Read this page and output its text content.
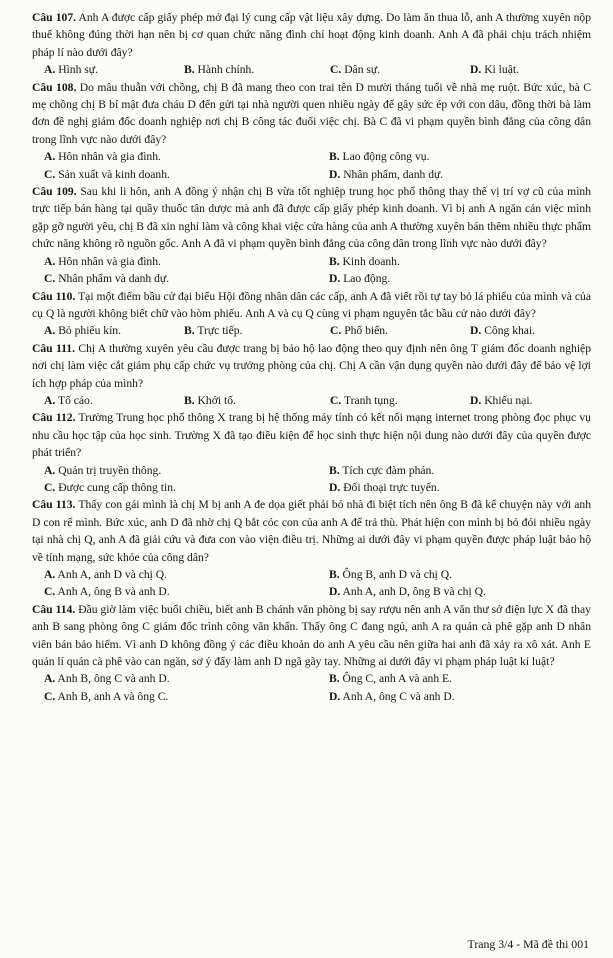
Câu 107. Anh A được cấp giấy phép mở đại lý cung cấp vật liệu xây dựng. Do làm ăn thua lỗ, anh A thường xuyên nộp thuế không đúng thời hạn nên bị cơ quan chức năng đình chỉ hoạt động kinh doanh. Anh A đã phải chịu trách nhiệm pháp lí nào dưới đây?

A. Hình sự.	B. Hành chính.	C. Dân sự.	D. Kỉ luật.

Câu 108. Do mâu thuẫn với chồng, chị B đã mang theo con trai tên D mười tháng tuổi về nhà mẹ ruột. Bức xúc, bà C mẹ chồng chị B bí mật đưa cháu D đến gửi tại nhà người quen nhiều ngày để gây sức ép với con dâu, đồng thời bà làm đơn đề nghị giám đốc doanh nghiệp nơi chị B công tác đuổi việc chị. Bà C đã vi phạm quyền bình đẳng của công dân trong lĩnh vực nào dưới đây?

A. Hôn nhân và gia đình.	B. Lao động công vụ.
C. Sản xuất và kinh doanh.	D. Nhân phẩm, danh dự.

Câu 109. Sau khi li hôn, anh A đồng ý nhận chị B vừa tốt nghiệp trung học phổ thông thay thế vị trí vợ cũ của mình trực tiếp bán hàng tại quầy thuốc tân dược mà anh đã được cấp giấy phép kinh doanh. Vì bị anh A ngăn cản việc mình gặp gỡ người yêu, chị B đã xin nghỉ làm và công khai việc cửa hàng của anh A thường xuyên bán thêm nhiều thực phẩm chức năng không rõ nguồn gốc. Anh A đã vi phạm quyền bình đẳng của công dân trong lĩnh vực nào dưới đây?

A. Hôn nhân và gia đình.	B. Kinh doanh.
C. Nhân phẩm và danh dự.	D. Lao động.

Câu 110. Tại một điểm bầu cử đại biểu Hội đồng nhân dân các cấp, anh A đã viết rồi tự tay bỏ lá phiếu của mình và của cụ Q là người không biết chữ vào hòm phiếu. Anh A và cụ Q cùng vi phạm nguyên tắc bầu cử nào dưới đây?

A. Bỏ phiếu kín.	B. Trực tiếp.	C. Phổ biến.	D. Công khai.

Câu 111. Chị A thường xuyên yêu cầu được trang bị bảo hộ lao động theo quy định nên ông T giám đốc doanh nghiệp nơi chị làm việc cắt giảm phụ cấp chức vụ trưởng phòng của chị. Chị A cần vận dụng quyền nào dưới đây để bảo vệ lợi ích hợp pháp của mình?

A. Tố cáo.	B. Khởi tố.	C. Tranh tụng.	D. Khiếu nại.

Câu 112. Trường Trung học phổ thông X trang bị hệ thống máy tính có kết nối mạng internet trong phòng đọc phục vụ nhu cầu học tập của học sinh. Trường X đã tạo điều kiện để học sinh thực hiện nội dung nào dưới đây của quyền được phát triển?

A. Quản trị truyền thông.	B. Tích cực đàm phán.
C. Được cung cấp thông tin.	D. Đối thoại trực tuyến.

Câu 113. Thấy con gái mình là chị M bị anh A đe dọa giết phải bỏ nhà đi biệt tích nên ông B đã kể chuyện này với anh D con rể mình. Bức xúc, anh D đã nhờ chị Q bắt cóc con của anh A để trả thù. Phát hiện con mình bị bỏ đói nhiều ngày tại nhà chị Q, anh A đã giải cứu và đưa con vào viện điều trị. Những ai dưới đây vi phạm quyền được pháp luật bảo hộ về tính mạng, sức khỏe của công dân?

A. Anh A, anh D và chị Q.	B. Ông B, anh D và chị Q.
C. Anh A, ông B và anh D.	D. Anh A, anh D, ông B và chị Q.

Câu 114. Đầu giờ làm việc buổi chiều, biết anh B chánh văn phòng bị say rượu nên anh A văn thư sở điện lực X đã thay anh B sang phòng ông C giám đốc trình công văn khẩn. Thấy ông C đang ngủ, anh A ra quán cà phê gặp anh D nhân viên bán bảo hiểm. Vì anh D không đồng ý các điều khoản do anh A yêu cầu nên giữa hai anh đã xảy ra xô xát. Anh E quản lí quán cà phê vào can ngăn, sơ ý đẩy làm anh D ngã gãy tay. Những ai dưới đây vi phạm pháp luật kỉ luật?

A. Anh B, ông C và anh D.	B. Ông C, anh A và anh E.
C. Anh B, anh A và ông C.	D. Anh A, ông C và anh D.
Trang 3/4 - Mã đề thi 001
